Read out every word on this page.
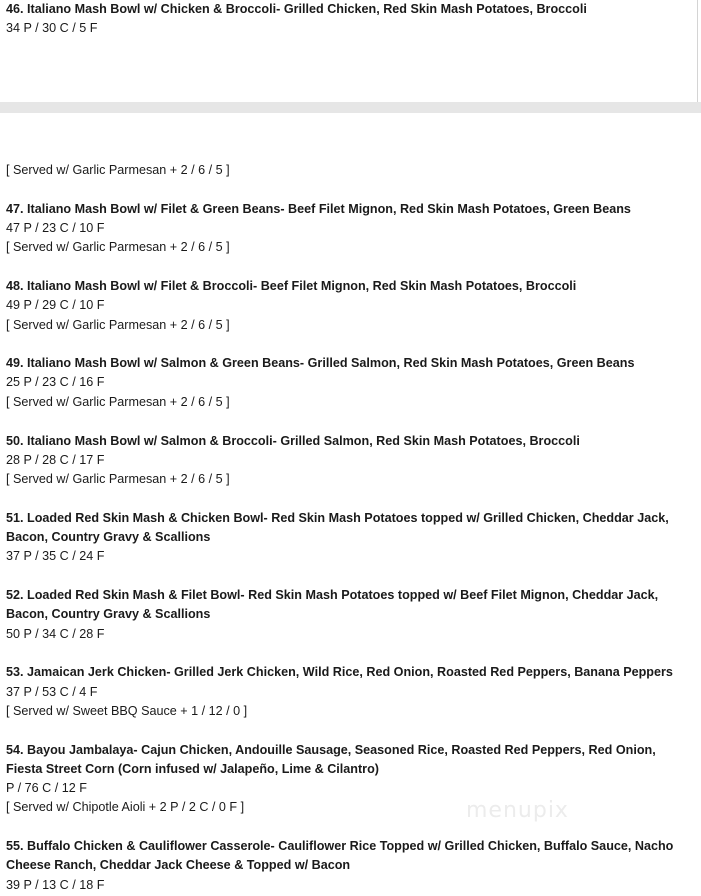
46. Italiano Mash Bowl w/ Chicken & Broccoli- Grilled Chicken, Red Skin Mash Potatoes, Broccoli
34 P / 30 C / 5 F
[ Served w/ Garlic Parmesan + 2 / 6 / 5 ]
47. Italiano Mash Bowl w/ Filet & Green Beans- Beef Filet Mignon, Red Skin Mash Potatoes, Green Beans
47 P / 23 C / 10 F
[ Served w/ Garlic Parmesan + 2 / 6 / 5 ]
48. Italiano Mash Bowl w/ Filet & Broccoli- Beef Filet Mignon, Red Skin Mash Potatoes, Broccoli
49 P / 29 C / 10 F
[ Served w/ Garlic Parmesan + 2 / 6 / 5 ]
49. Italiano Mash Bowl w/ Salmon & Green Beans- Grilled Salmon, Red Skin Mash Potatoes, Green Beans
25 P / 23 C / 16 F
[ Served w/ Garlic Parmesan + 2 / 6 / 5 ]
50. Italiano Mash Bowl w/ Salmon & Broccoli- Grilled Salmon, Red Skin Mash Potatoes, Broccoli
28 P / 28 C / 17 F
[ Served w/ Garlic Parmesan + 2 / 6 / 5 ]
51. Loaded Red Skin Mash & Chicken Bowl- Red Skin Mash Potatoes topped w/ Grilled Chicken, Cheddar Jack, Bacon, Country Gravy & Scallions
37 P / 35 C / 24 F
52. Loaded Red Skin Mash & Filet Bowl- Red Skin Mash Potatoes topped w/ Beef Filet Mignon, Cheddar Jack, Bacon, Country Gravy & Scallions
50 P / 34 C / 28 F
53. Jamaican Jerk Chicken- Grilled Jerk Chicken, Wild Rice, Red Onion, Roasted Red Peppers, Banana Peppers
37 P / 53 C / 4 F
[ Served w/ Sweet BBQ Sauce + 1 / 12 / 0 ]
54. Bayou Jambalaya- Cajun Chicken, Andouille Sausage, Seasoned Rice, Roasted Red Peppers, Red Onion, Fiesta Street Corn (Corn infused w/ Jalapeño, Lime & Cilantro)
P / 76 C / 12 F
[ Served w/ Chipotle Aioli + 2 P / 2 C / 0 F ]
55. Buffalo Chicken & Cauliflower Casserole- Cauliflower Rice Topped w/ Grilled Chicken, Buffalo Sauce, Nacho Cheese Ranch, Cheddar Jack Cheese & Topped w/ Bacon
39 P / 13 C / 18 F
menupix
